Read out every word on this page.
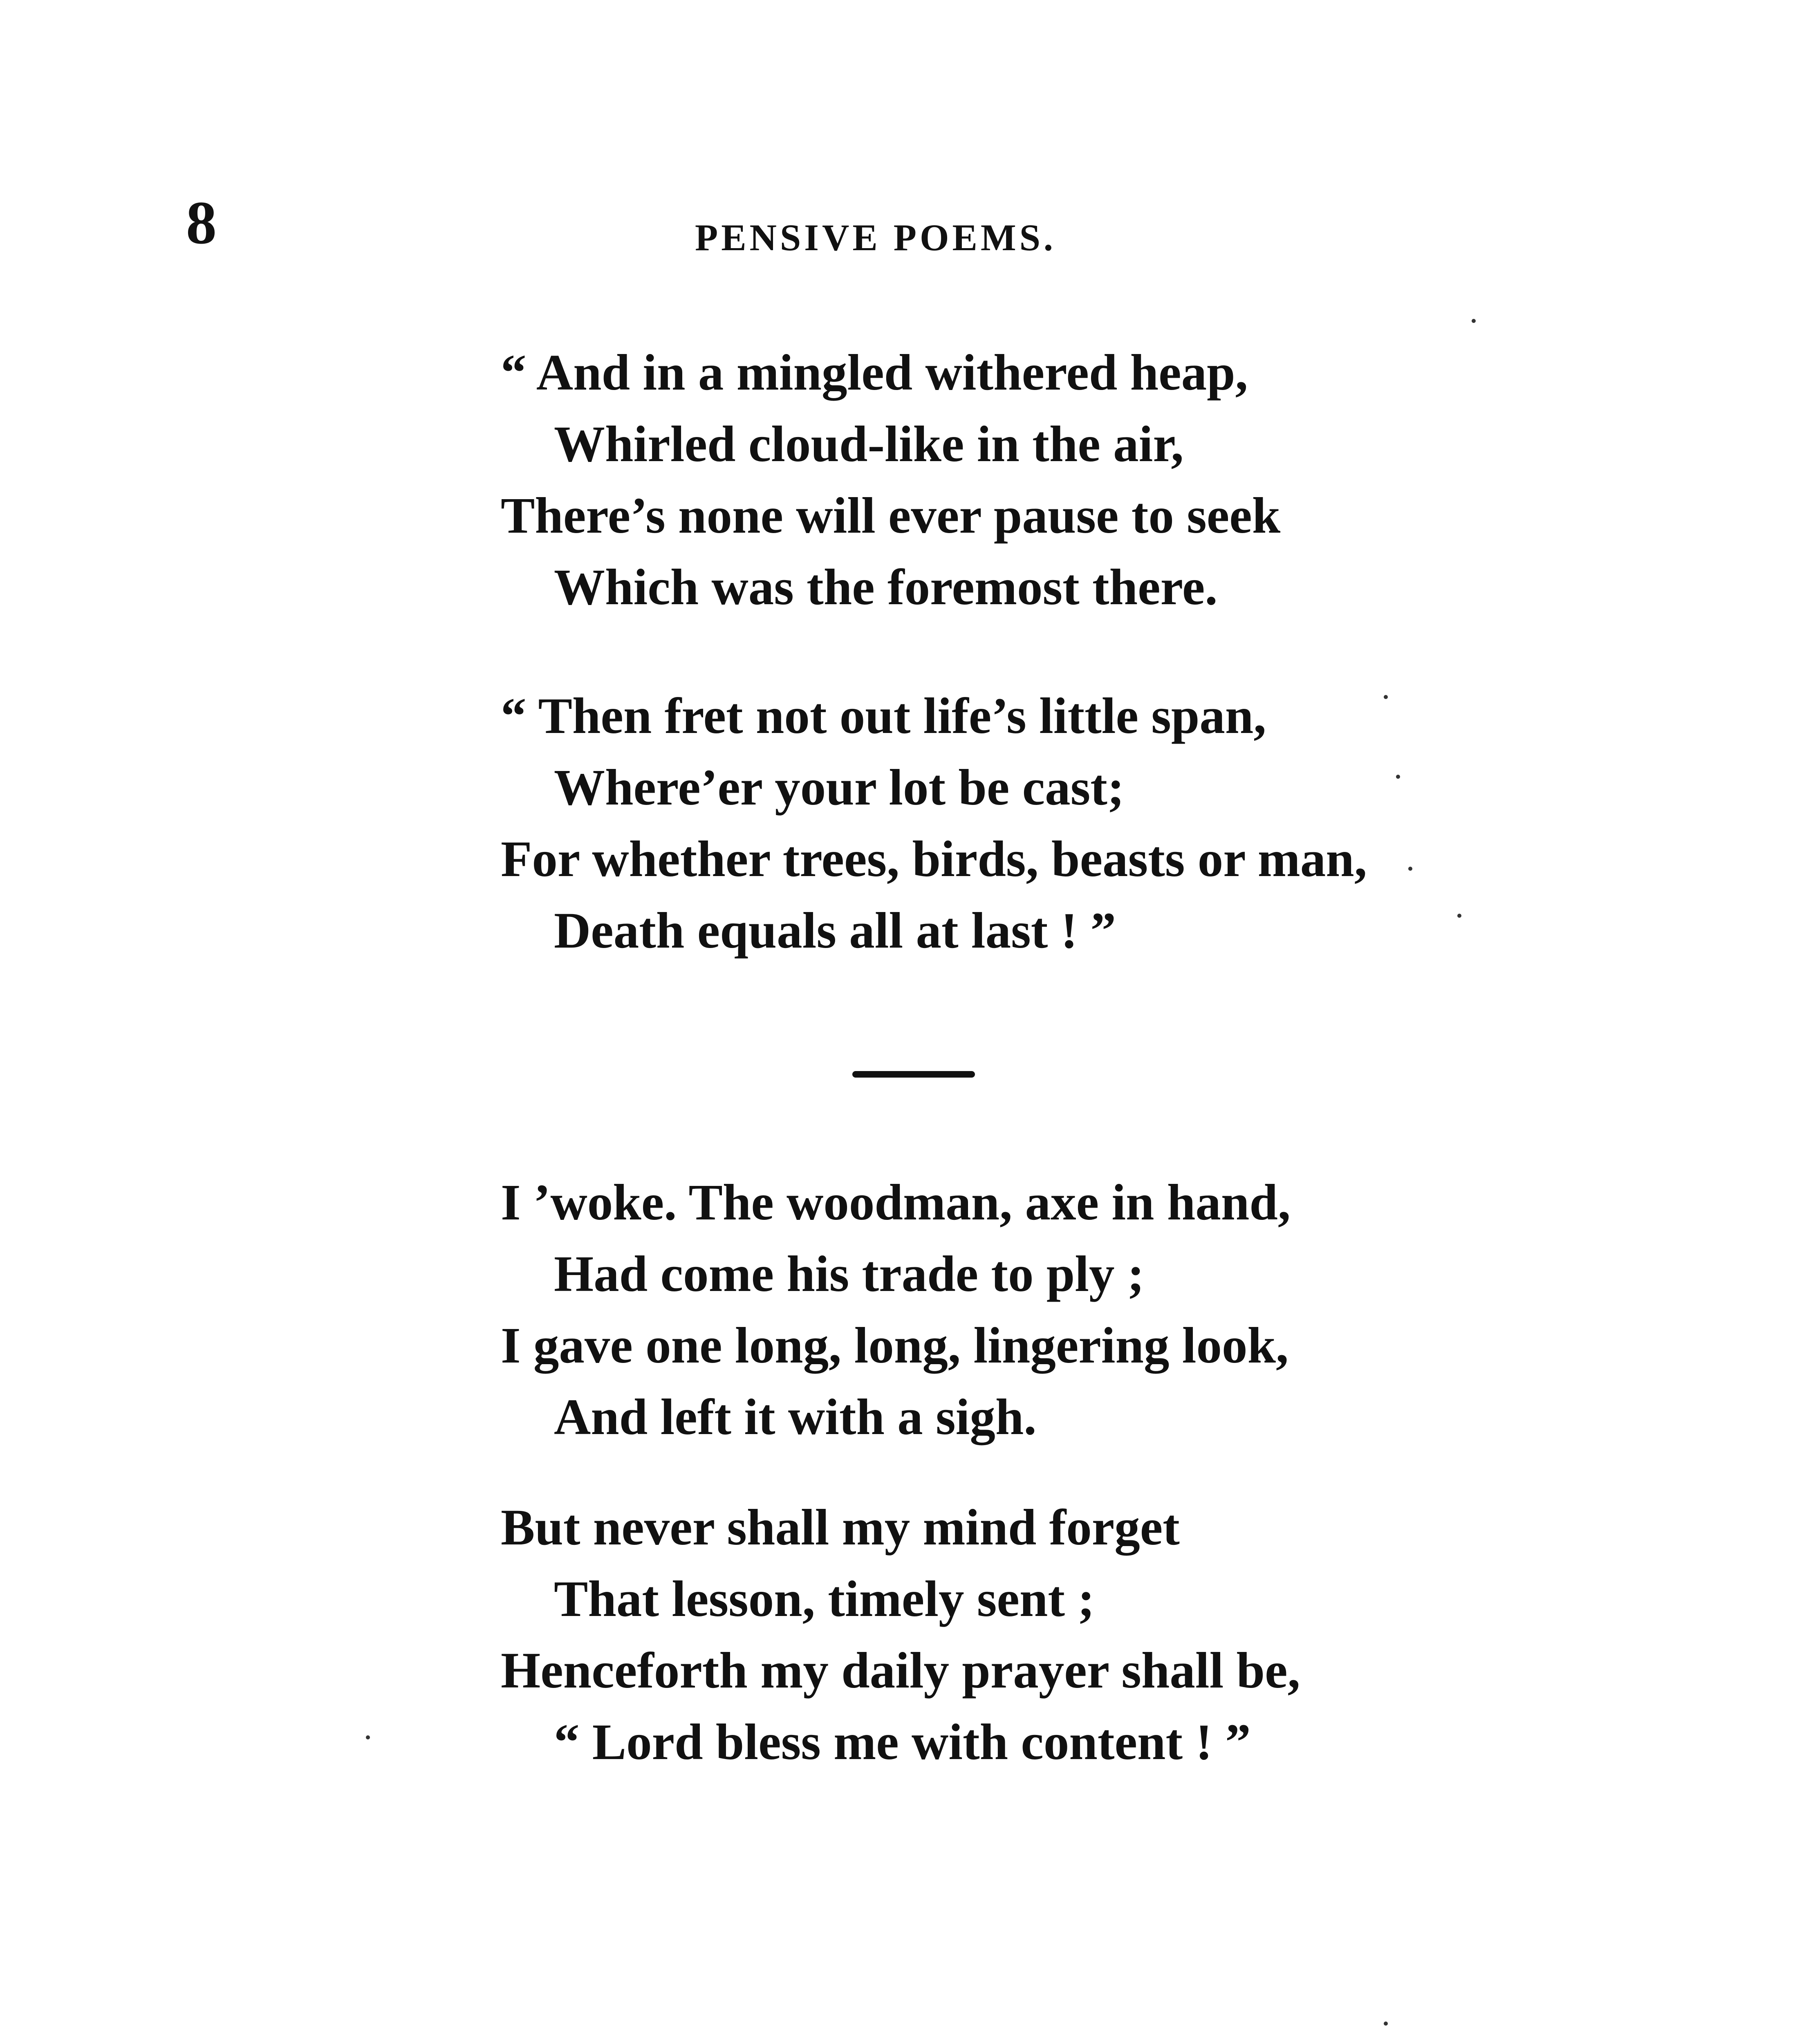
8	PENSIVE POEMS.
“ And in a mingled withered heap,
Whirled cloud-like in the air,
There’s none will ever pause to seek
Which was the foremost there.
“ Then fret not out life’s little span,
Where’er your lot be cast;
For whether trees, birds, beasts or man,
Death equals all at last ! ”
I ’woke. The woodman, axe in hand,
Had come his trade to ply ;
I gave one long, long, lingering look,
And left it with a sigh.
But never shall my mind forget
That lesson, timely sent ;
Henceforth my daily prayer shall be,
“ Lord bless me with content ! ”
